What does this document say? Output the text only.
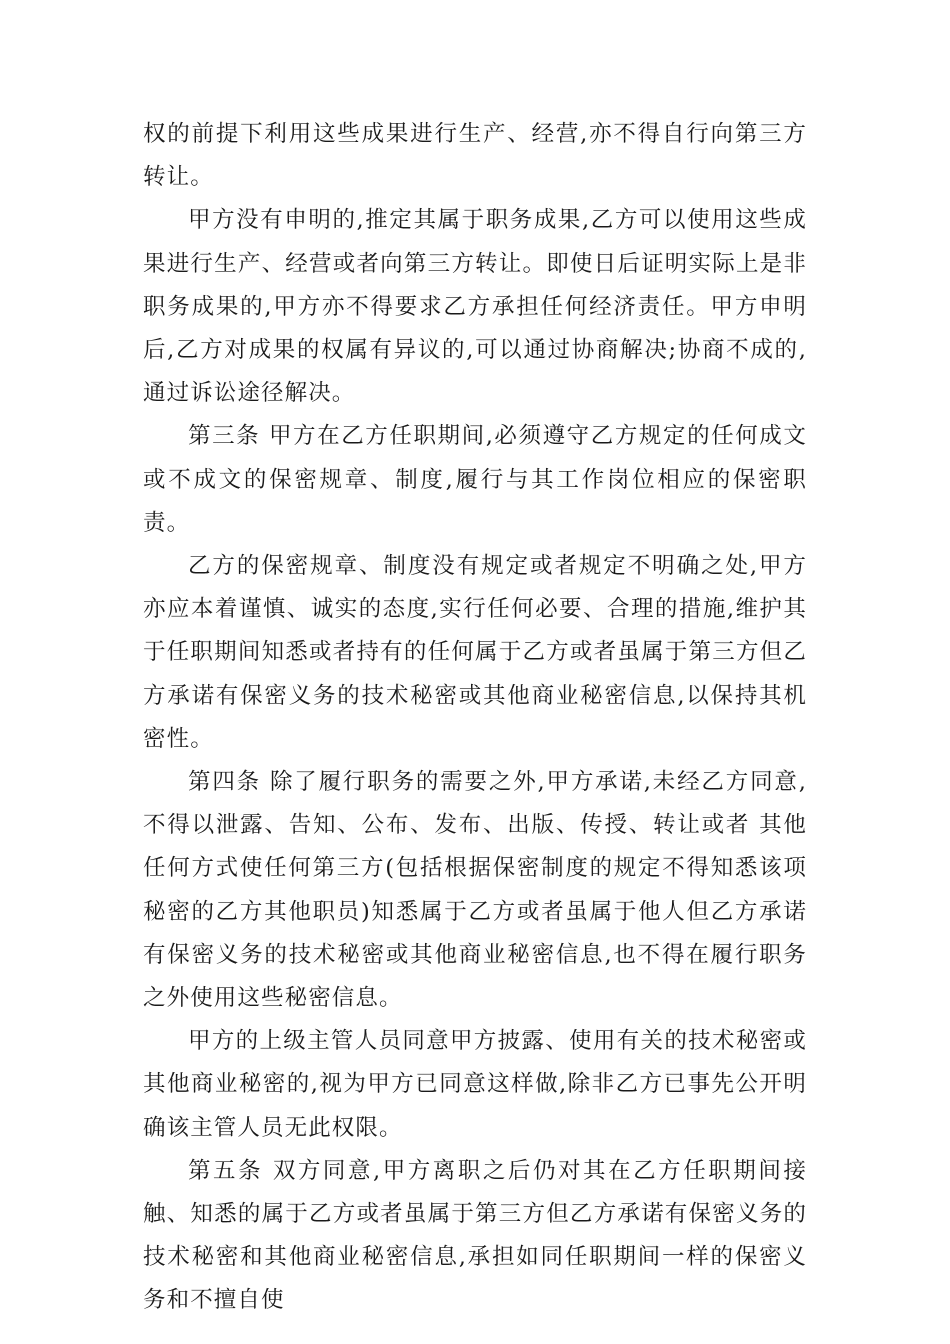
权的前提下利用这些成果进行生产、经营,亦不得自行向第三方转让。

甲方没有申明的,推定其属于职务成果,乙方可以使用这些成果进行生产、经营或者向第三方转让。即使日后证明实际上是非职务成果的,甲方亦不得要求乙方承担任何经济责任。甲方申明后,乙方对成果的权属有异议的,可以通过协商解决;协商不成的,通过诉讼途径解决。

第三条 甲方在乙方任职期间,必须遵守乙方规定的任何成文或不成文的保密规章、制度,履行与其工作岗位相应的保密职责。

乙方的保密规章、制度没有规定或者规定不明确之处,甲方亦应本着谨慎、诚实的态度,实行任何必要、合理的措施,维护其于任职期间知悉或者持有的任何属于乙方或者虽属于第三方但乙方承诺有保密义务的技术秘密或其他商业秘密信息,以保持其机密性。

第四条 除了履行职务的需要之外,甲方承诺,未经乙方同意,不得以泄露、告知、公布、发布、出版、传授、转让或者 其他任何方式使任何第三方(包括根据保密制度的规定不得知悉该项秘密的乙方其他职员)知悉属于乙方或者虽属于他人但乙方承诺有保密义务的技术秘密或其他商业秘密信息,也不得在履行职务之外使用这些秘密信息。

甲方的上级主管人员同意甲方披露、使用有关的技术秘密或其他商业秘密的,视为甲方已同意这样做,除非乙方已事先公开明确该主管人员无此权限。

第五条 双方同意,甲方离职之后仍对其在乙方任职期间接触、知悉的属于乙方或者虽属于第三方但乙方承诺有保密义务的技术秘密和其他商业秘密信息,承担如同任职期间一样的保密义务和不擅自使
